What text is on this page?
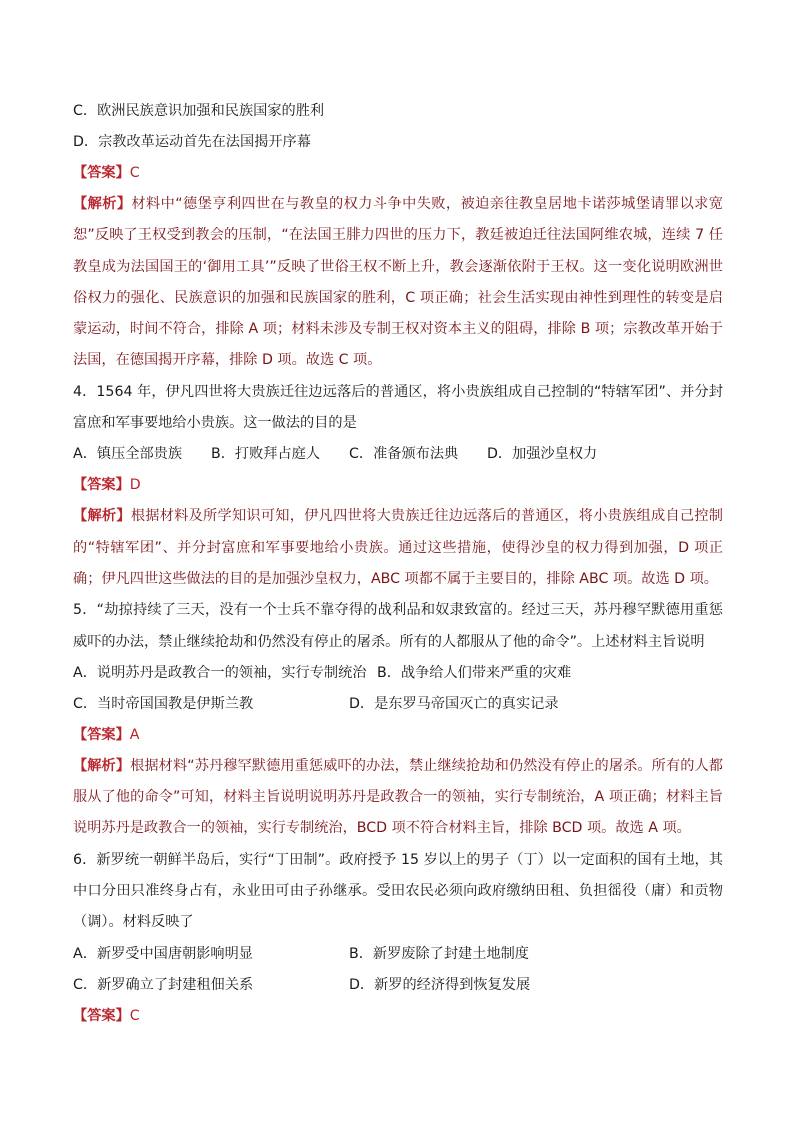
C．欧洲民族意识加强和民族国家的胜利
D．宗教改革运动首先在法国揭开序幕
【答案】C
【解析】材料中“德堡亨利四世在与教皇的权力斗争中失败，被迫亲往教皇居地卡诺莎城堡请罪以求宽恕”反映了王权受到教会的压制，“在法国王腓力四世的压力下，教廷被迫迁往法国阿维农城，连续 7 任教皇成为法国国王的‘御用工具’”反映了世俗王权不断上升，教会逐渐依附于王权。这一变化说明欧洲世俗权力的强化、民族意识的加强和民族国家的胜利，C 项正确；社会生活实现由神性到理性的转变是启蒙运动，时间不符合，排除 A 项；材料未涉及专制王权对资本主义的阻碍，排除 B 项；宗教改革开始于法国，在德国揭开序幕，排除 D 项。故选 C 项。
4．1564 年，伊凡四世将大贵族迁往边远落后的普通区，将小贵族组成自己控制的“特辖军团”、并分封富庶和军事要地给小贵族。这一做法的目的是
A．镇压全部贵族 B．打败拜占庭人 C．准备颁布法典 D．加强沙皇权力
【答案】D
【解析】根据材料及所学知识可知，伊凡四世将大贵族迁往边远落后的普通区，将小贵族组成自己控制的“特辖军团”、并分封富庶和军事要地给小贵族。通过这些措施，使得沙皇的权力得到加强，D 项正确；伊凡四世这些做法的目的是加强沙皇权力，ABC 项都不属于主要目的，排除 ABC 项。故选 D 项。
5．“劫掠持续了三天，没有一个士兵不靠夺得的战利品和奴隶致富的。经过三天，苏丹穆罕默德用重惩威吓的办法，禁止继续抢劫和仍然没有停止的屠杀。所有的人都服从了他的命令”。上述材料主旨说明
A．说明苏丹是政教合一的领袖，实行专制统治 B．战争给人们带来严重的灾难
C．当时帝国国教是伊斯兰教	D．是东罗马帝国灭亡的真实记录
【答案】A
【解析】根据材料“苏丹穆罕默德用重惩威吓的办法，禁止继续抢劫和仍然没有停止的屠杀。所有的人都服从了他的命令”可知，材料主旨说明说明苏丹是政教合一的领袖，实行专制统治，A 项正确；材料主旨说明苏丹是政教合一的领袖，实行专制统治，BCD 项不符合材料主旨，排除 BCD 项。故选 A 项。
6．新罗统一朝鲜半岛后，实行“丁田制”。政府授予 15 岁以上的男子（丁）以一定面积的国有土地，其中口分田只准终身占有，永业田可由子孙继承。受田农民必须向政府缴纳田租、负担徭役（庸）和贡物（调）。材料反映了
A．新罗受中国唐朝影响明显	B．新罗废除了封建土地制度
C．新罗确立了封建租佃关系	D．新罗的经济得到恢复发展
【答案】C
